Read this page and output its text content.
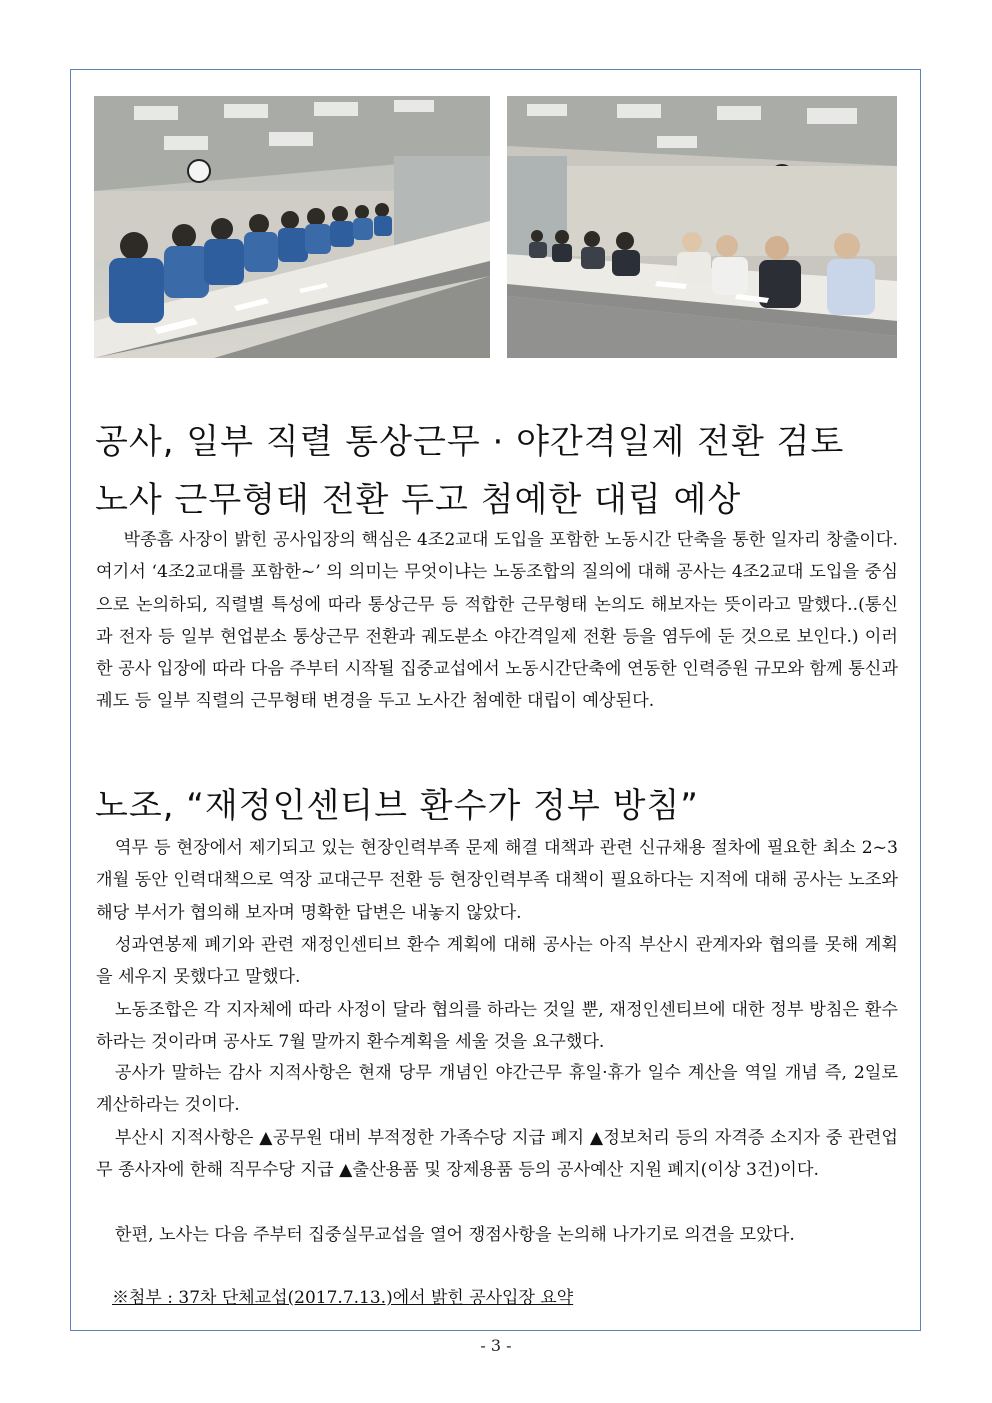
공사, 일부 직렬 통상근무 · 야간격일제 전환 검토
노사 근무형태 전환 두고 첨예한 대립 예상

박종흠 사장이 밝힌 공사입장의 핵심은 4조2교대 도입을 포함한 노동시간 단축을 통한 일자리 창출이다. 여기서 ‘4조2교대를 포함한~’ 의 의미는 무엇이냐는 노동조합의 질의에 대해 공사는 4조2교대 도입을 중심으로 논의하되, 직렬별 특성에 따라 통상근무 등 적합한 근무형태 논의도 해보자는 뜻이라고 말했다..(통신과 전자 등 일부 현업분소 통상근무 전환과 궤도분소 야간격일제 전환 등을 염두에 둔 것으로 보인다.) 이러한 공사 입장에 따라 다음 주부터 시작될 집중교섭에서 노동시간단축에 연동한 인력증원 규모와 함께 통신과 궤도 등 일부 직렬의 근무형태 변경을 두고 노사간 첨예한 대립이 예상된다.

노조, “재정인센티브 환수가 정부 방침”

역무 등 현장에서 제기되고 있는 현장인력부족 문제 해결 대책과 관련 신규채용 절차에 필요한 최소 2~3개월 동안 인력대책으로 역장 교대근무 전환 등 현장인력부족 대책이 필요하다는 지적에 대해 공사는 노조와 해당 부서가 협의해 보자며 명확한 답변은 내놓지 않았다.

성과연봉제 폐기와 관련 재정인센티브 환수 계획에 대해 공사는 아직 부산시 관계자와 협의를 못해 계획을 세우지 못했다고 말했다.

노동조합은 각 지자체에 따라 사정이 달라 협의를 하라는 것일 뿐, 재정인센티브에 대한 정부 방침은 환수하라는 것이라며 공사도 7월 말까지 환수계획을 세울 것을 요구했다.

공사가 말하는 감사 지적사항은 현재 당무 개념인 야간근무 휴일·휴가 일수 계산을 역일 개념 즉, 2일로 계산하라는 것이다.

부산시 지적사항은 ▲공무원 대비 부적정한 가족수당 지급 폐지 ▲정보처리 등의 자격증 소지자 중 관련업무 종사자에 한해 직무수당 지급 ▲출산용품 및 장제용품 등의 공사예산 지원 폐지(이상 3건)이다.

한편, 노사는 다음 주부터 집중실무교섭을 열어 쟁점사항을 논의해 나가기로 의견을 모았다.

※첨부 : 37차 단체교섭(2017.7.13.)에서 밝힌 공사입장 요약
- 3 -
